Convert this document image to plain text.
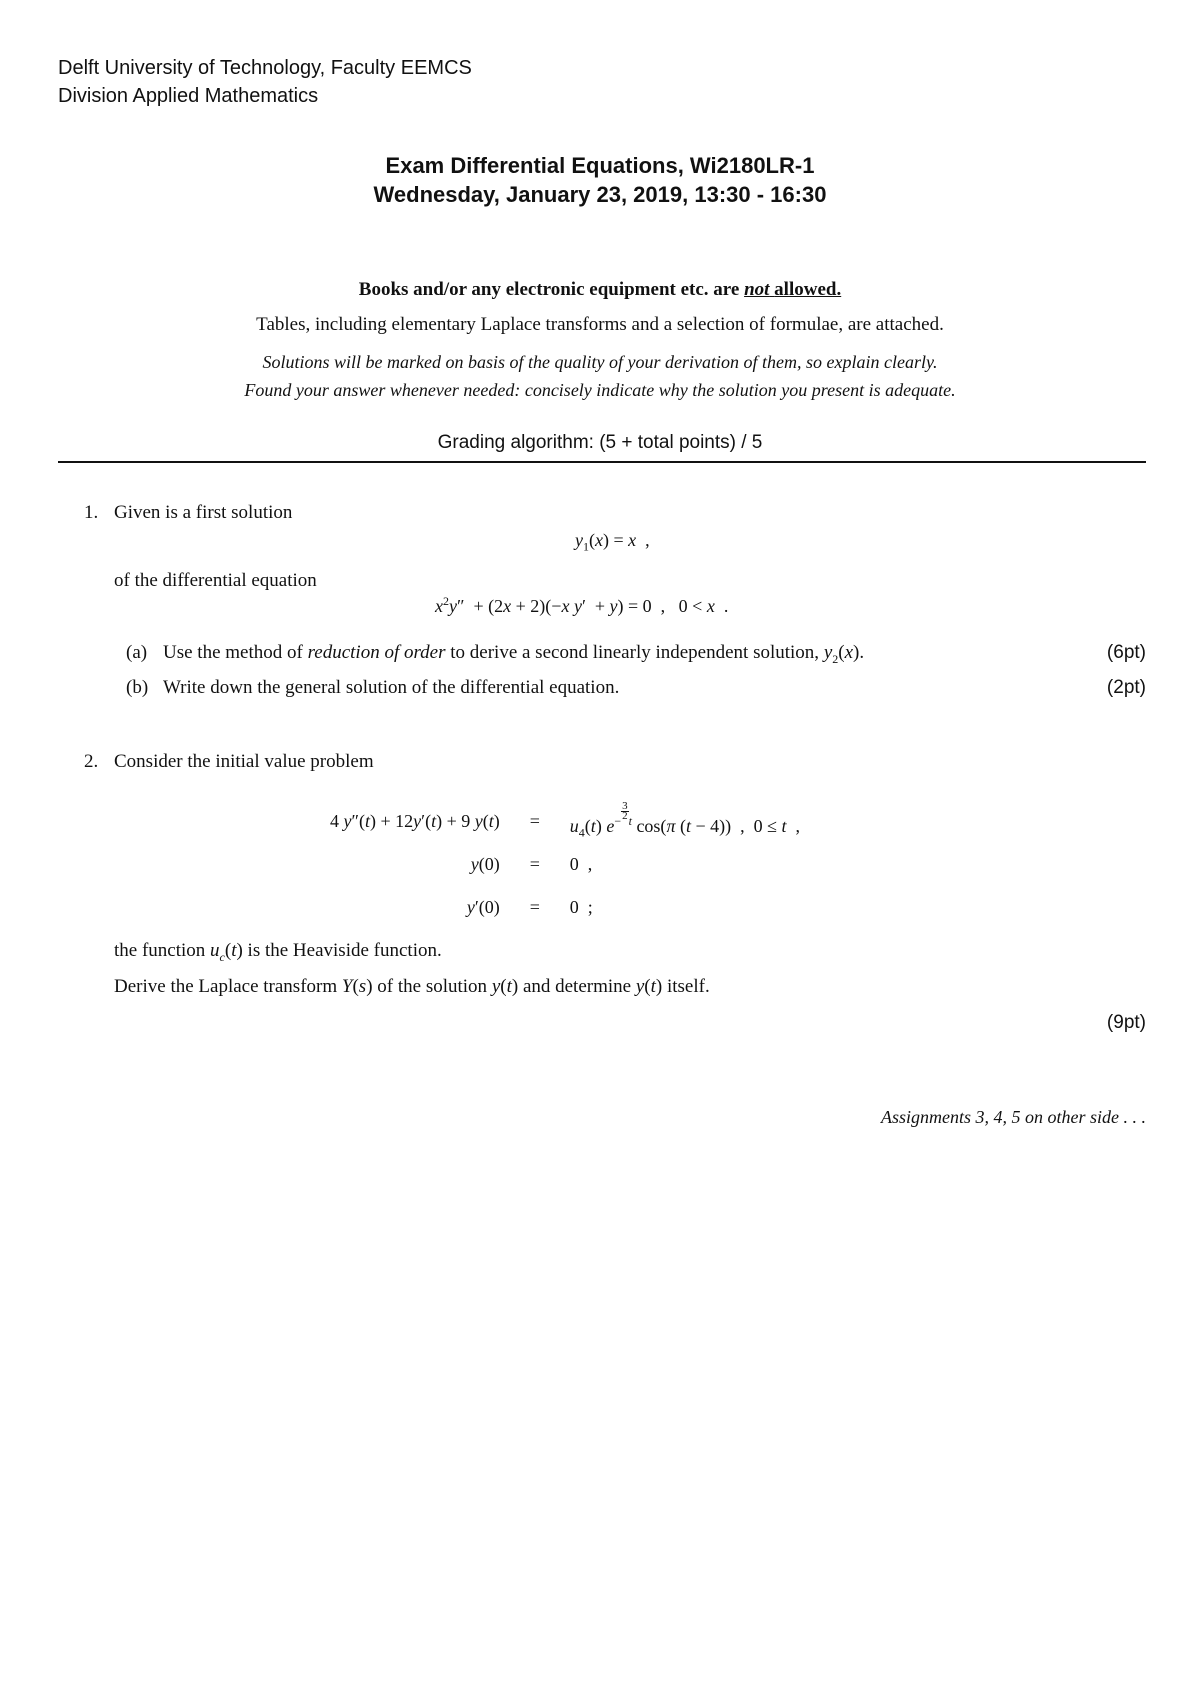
Delft University of Technology, Faculty EEMCS
Division Applied Mathematics
Exam Differential Equations, Wi2180LR-1
Wednesday, January 23, 2019, 13:30 - 16:30
Books and/or any electronic equipment etc. are not allowed.
Tables, including elementary Laplace transforms and a selection of formulae, are attached.
Solutions will be marked on basis of the quality of your derivation of them, so explain clearly.
Found your answer whenever needed: concisely indicate why the solution you present is adequate.
Grading algorithm: (5 + total points) / 5
1. Given is a first solution
$y_1(x) = x$  ,
of the differential equation
$x^2y'' + (2x + 2)(-x$ y′  + y) = 0  ,   0 < x  .
(a) Use the method of reduction of order to derive a second linearly independent solution, $y_2(x)$.	(6pt)
(b) Write down the general solution of the differential equation.	(2pt)
2. Consider the initial value problem
4 y″(t) + 12y′(t) + 9 y(t)	=	$u_4(t)$ $e^{- \frac{3}{2} t}$ cos(π (t − 4))  ,  0 ≤ t  ,
y(0)	=	0  ,
y′(0)	=	0  ;
the function $u_c(t)$ is the Heaviside function.
Derive the Laplace transform Y(s) of the solution y(t) and determine y(t) itself.
(9pt)
Assignments 3, 4, 5 on other side . . .
